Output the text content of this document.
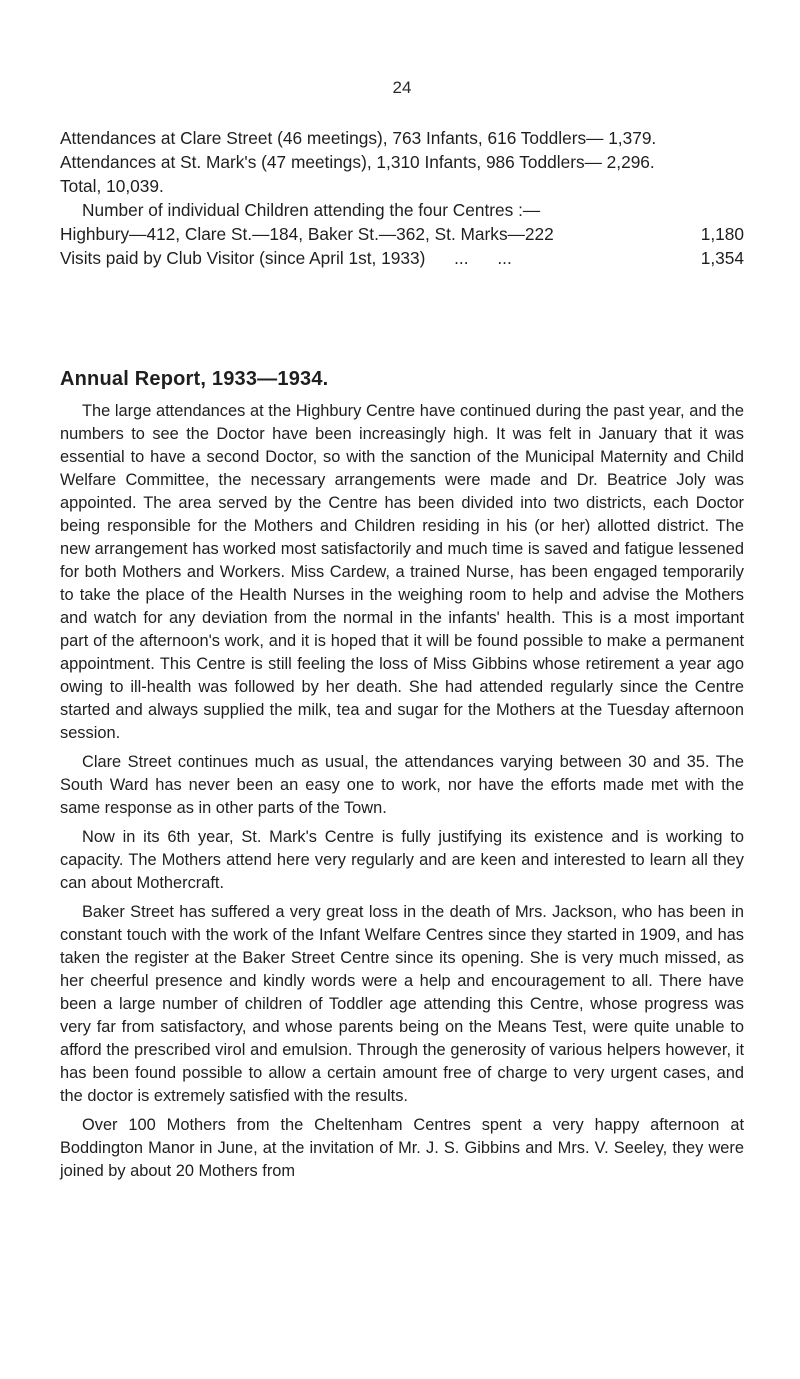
24

Attendances at Clare Street (46 meetings), 763 Infants, 616 Toddlers— 1,379.

Attendances at St. Mark's (47 meetings), 1,310 Infants, 986 Toddlers— 2,296.

Total, 10,039.

Number of individual Children attending the four Centres :—

Highbury—412, Clare St.—184, Baker St.—362, St. Marks—222	1,180
Visits paid by Club Visitor (since April 1st, 1933)      ...      ...	1,354
Annual Report, 1933—1934.

The large attendances at the Highbury Centre have continued during the past year, and the numbers to see the Doctor have been increasingly high. It was felt in January that it was essential to have a second Doctor, so with the sanction of the Municipal Maternity and Child Welfare Committee, the necessary arrangements were made and Dr. Beatrice Joly was appointed. The area served by the Centre has been divided into two districts, each Doctor being responsible for the Mothers and Children residing in his (or her) allotted district. The new arrangement has worked most satisfactorily and much time is saved and fatigue lessened for both Mothers and Workers. Miss Cardew, a trained Nurse, has been engaged temporarily to take the place of the Health Nurses in the weighing room to help and advise the Mothers and watch for any deviation from the normal in the infants' health. This is a most important part of the afternoon's work, and it is hoped that it will be found possible to make a permanent appointment. This Centre is still feeling the loss of Miss Gibbins whose retirement a year ago owing to ill-health was followed by her death. She had attended regularly since the Centre started and always supplied the milk, tea and sugar for the Mothers at the Tuesday afternoon session.

Clare Street continues much as usual, the attendances varying between 30 and 35. The South Ward has never been an easy one to work, nor have the efforts made met with the same response as in other parts of the Town.

Now in its 6th year, St. Mark's Centre is fully justifying its existence and is working to capacity. The Mothers attend here very regularly and are keen and interested to learn all they can about Mothercraft.

Baker Street has suffered a very great loss in the death of Mrs. Jackson, who has been in constant touch with the work of the Infant Welfare Centres since they started in 1909, and has taken the register at the Baker Street Centre since its opening. She is very much missed, as her cheerful presence and kindly words were a help and encouragement to all. There have been a large number of children of Toddler age attending this Centre, whose progress was very far from satisfactory, and whose parents being on the Means Test, were quite unable to afford the prescribed virol and emulsion. Through the generosity of various helpers however, it has been found possible to allow a certain amount free of charge to very urgent cases, and the doctor is extremely satisfied with the results.

Over 100 Mothers from the Cheltenham Centres spent a very happy afternoon at Boddington Manor in June, at the invitation of Mr. J. S. Gibbins and Mrs. V. Seeley, they were joined by about 20 Mothers from
